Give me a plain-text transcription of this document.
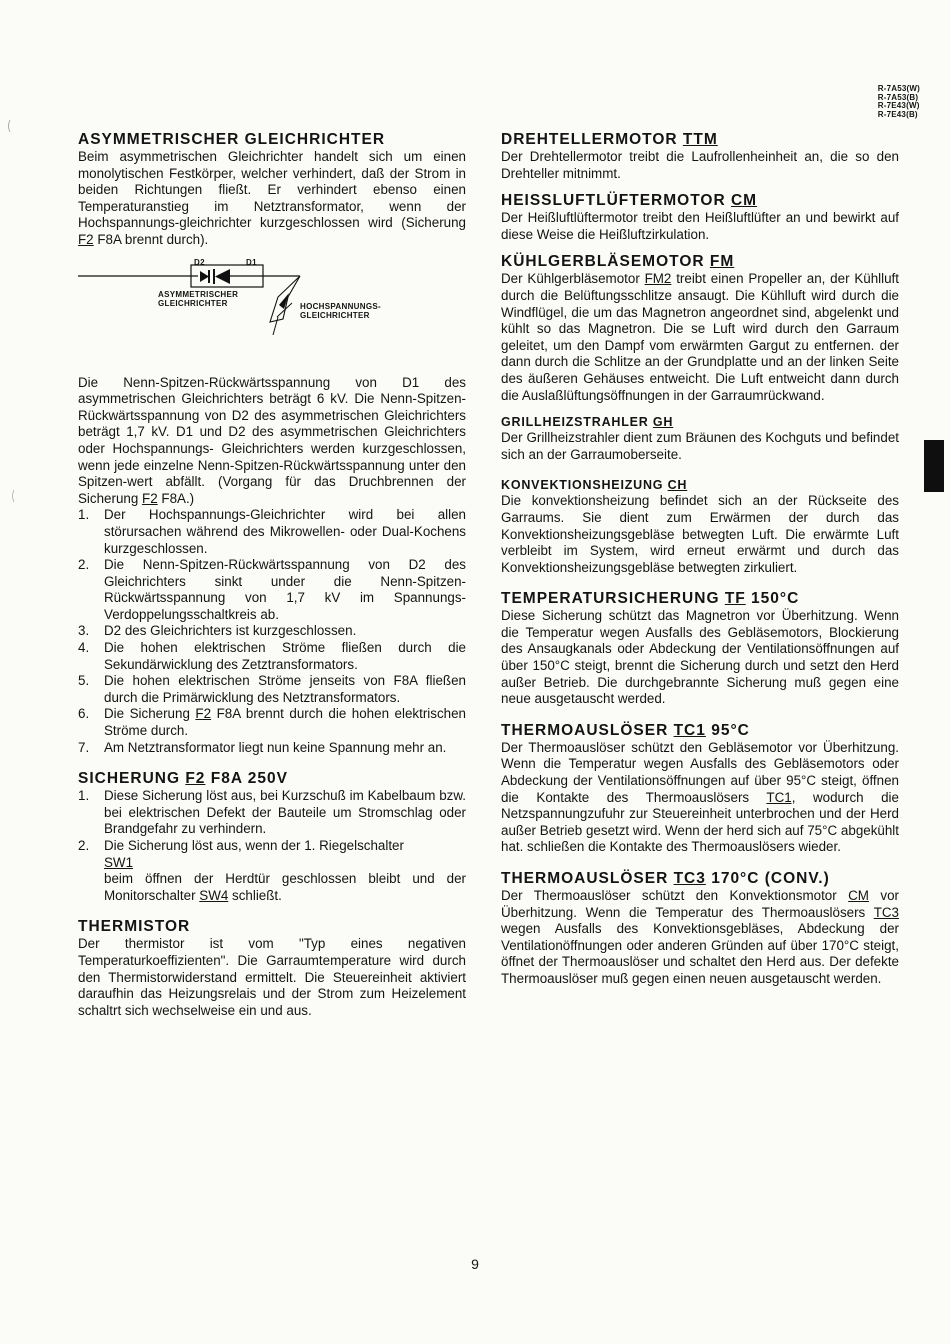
R-7A53(W)
R-7A53(B)
R-7E43(W)
R-7E43(B)
ASYMMETRISCHER GLEICHRICHTER

Beim asymmetrischen Gleichrichter handelt sich um einen monolytischen Festkörper, welcher verhindert, daß der Strom in beiden Richtungen fließt. Er verhindert ebenso einen Temperaturanstieg im Netztransformator, wenn der Hochspannungs-gleichrichter kurzgeschlossen wird (Sicherung F2 F8A brennt durch).

D2	D1
ASYMMETRISCHER
GLEICHRICHTER	HOCHSPANNUNGS-
GLEICHRICHTER

Die Nenn-Spitzen-Rückwärtsspannung von D1 des asymmetrischen Gleichrichters beträgt 6 kV. Die Nenn-Spitzen-Rückwärtsspannung von D2 des asymmetrischen Gleichrichters beträgt 1,7 kV. D1 und D2 des asymmetrischen Gleichrichters oder Hochspannungs- Gleichrichters werden kurzgeschlossen, wenn jede einzelne Nenn-Spitzen-Rückwärtsspannung unter den Spitzen-wert abfällt. (Vorgang für das Druchbrennen der Sicherung F2 F8A.)

1. Der Hochspannungs-Gleichrichter wird bei allen störursachen während des Mikrowellen- oder Dual-Kochens kurzgeschlossen.
2. Die Nenn-Spitzen-Rückwärtsspannung von D2 des Gleichrichters sinkt under die Nenn-Spitzen-Rückwärtsspannung von 1,7 kV im Spannungs-Verdoppelungsschaltkreis ab.
3. D2 des Gleichrichters ist kurzgeschlossen.
4. Die hohen elektrischen Ströme fließen durch die Sekundärwicklung des Zetztransformators.
5. Die hohen elektrischen Ströme jenseits von F8A fließen durch die Primärwicklung des Netztransformators.
6. Die Sicherung F2 F8A brennt durch die hohen elektrischen Ströme durch.
7. Am Netztransformator liegt nun keine Spannung mehr an.
SICHERUNG F2 F8A 250V
1. Diese Sicherung löst aus, bei Kurzschuß im Kabelbaum bzw. bei elektrischen Defekt der Bauteile um Stromschlag oder Brandgefahr zu verhindern.
2. Die Sicherung löst aus, wenn der 1. Riegelschalter
SW1
beim öffnen der Herdtür geschlossen bleibt und der Monitorschalter SW4 schließt.
THERMISTOR

Der thermistor ist vom "Typ eines negativen Temperaturkoeffizienten". Die Garraumtemperature wird durch den Thermistorwiderstand ermittelt. Die Steuereinheit aktiviert daraufhin das Heizungsrelais und der Strom zum Heizelement schaltrt sich wechselweise ein und aus.

DREHTELLERMOTOR TTM

Der Drehtellermotor treibt die Laufrollenheinheit an, die so den Drehteller mitnimmt.

HEISSLUFTLÜFTERMOTOR CM

Der Heißluftlüftermotor treibt den Heißluftlüfter an und bewirkt auf diese Weise die Heißluftzirkulation.

KÜHLGERBLÄSEMOTOR FM

Der Kühlgerbläsemotor FM2 treibt einen Propeller an, der Kühlluft durch die Belüftungsschlitze ansaugt. Die Kühlluft wird durch die Windflügel, die um das Magnetron angeordnet sind, abgelenkt und kühlt so das Magnetron. Die se Luft wird durch den Garraum geleitet, um den Dampf vom erwärmten Gargut zu entfernen. der dann durch die Schlitze an der Grundplatte und an der linken Seite des äußeren Gehäuses entweicht. Die Luft entweicht dann durch die Auslaßlüftungsöffnungen in der Garraumrückwand.

GRILLHEIZSTRAHLER GH

Der Grillheizstrahler dient zum Bräunen des Kochguts und befindet sich an der Garraumoberseite.

KONVEKTIONSHEIZUNG CH

Die konvektionsheizung befindet sich an der Rückseite des Garraums. Sie dient zum Erwärmen der durch das Konvektionsheizungsgebläse betwegten Luft. Die erwärmte Luft verbleibt im System, wird erneut erwärmt und durch das Konvektionsheizungsgebläse betwegten zirkuliert.

TEMPERATURSICHERUNG TF 150°C

Diese Sicherung schützt das Magnetron vor Überhitzung. Wenn die Temperatur wegen Ausfalls des Gebläsemotors, Blockierung des Ansaugkanals oder Abdeckung der Ventilationsöffnungen auf über 150°C steigt, brennt die Sicherung durch und setzt den Herd außer Betrieb. Die durchgebrannte Sicherung muß gegen eine neue ausgetauscht werded.

THERMOAUSLÖSER TC1 95°C

Der Thermoauslöser schützt den Gebläsemotor vor Überhitzung. Wenn die Temperatur wegen Ausfalls des Gebläsemotors oder Abdeckung der Ventilationsöffnungen auf über 95°C steigt, öffnen die Kontakte des Thermoauslösers TC1, wodurch die Netzspannungzufuhr zur Steuereinheit unterbrochen und der Herd außer Betrieb gesetzt wird. Wenn der herd sich auf 75°C abgekühlt hat. schließen die Kontakte des Thermoauslösers wieder.

THERMOAUSLÖSER TC3 170°C (CONV.)

Der Thermoauslöser schützt den Konvektionsmotor CM vor Überhitzung. Wenn die Temperatur des Thermoauslösers TC3 wegen Ausfalls des Konvektionsgebläses, Abdeckung der Ventilationöffnungen oder anderen Gründen auf über 170°C steigt, öffnet der Thermoauslöser und schaltet den Herd aus. Der defekte Thermoauslöser muß gegen einen neuen ausgetauscht werden.

9
